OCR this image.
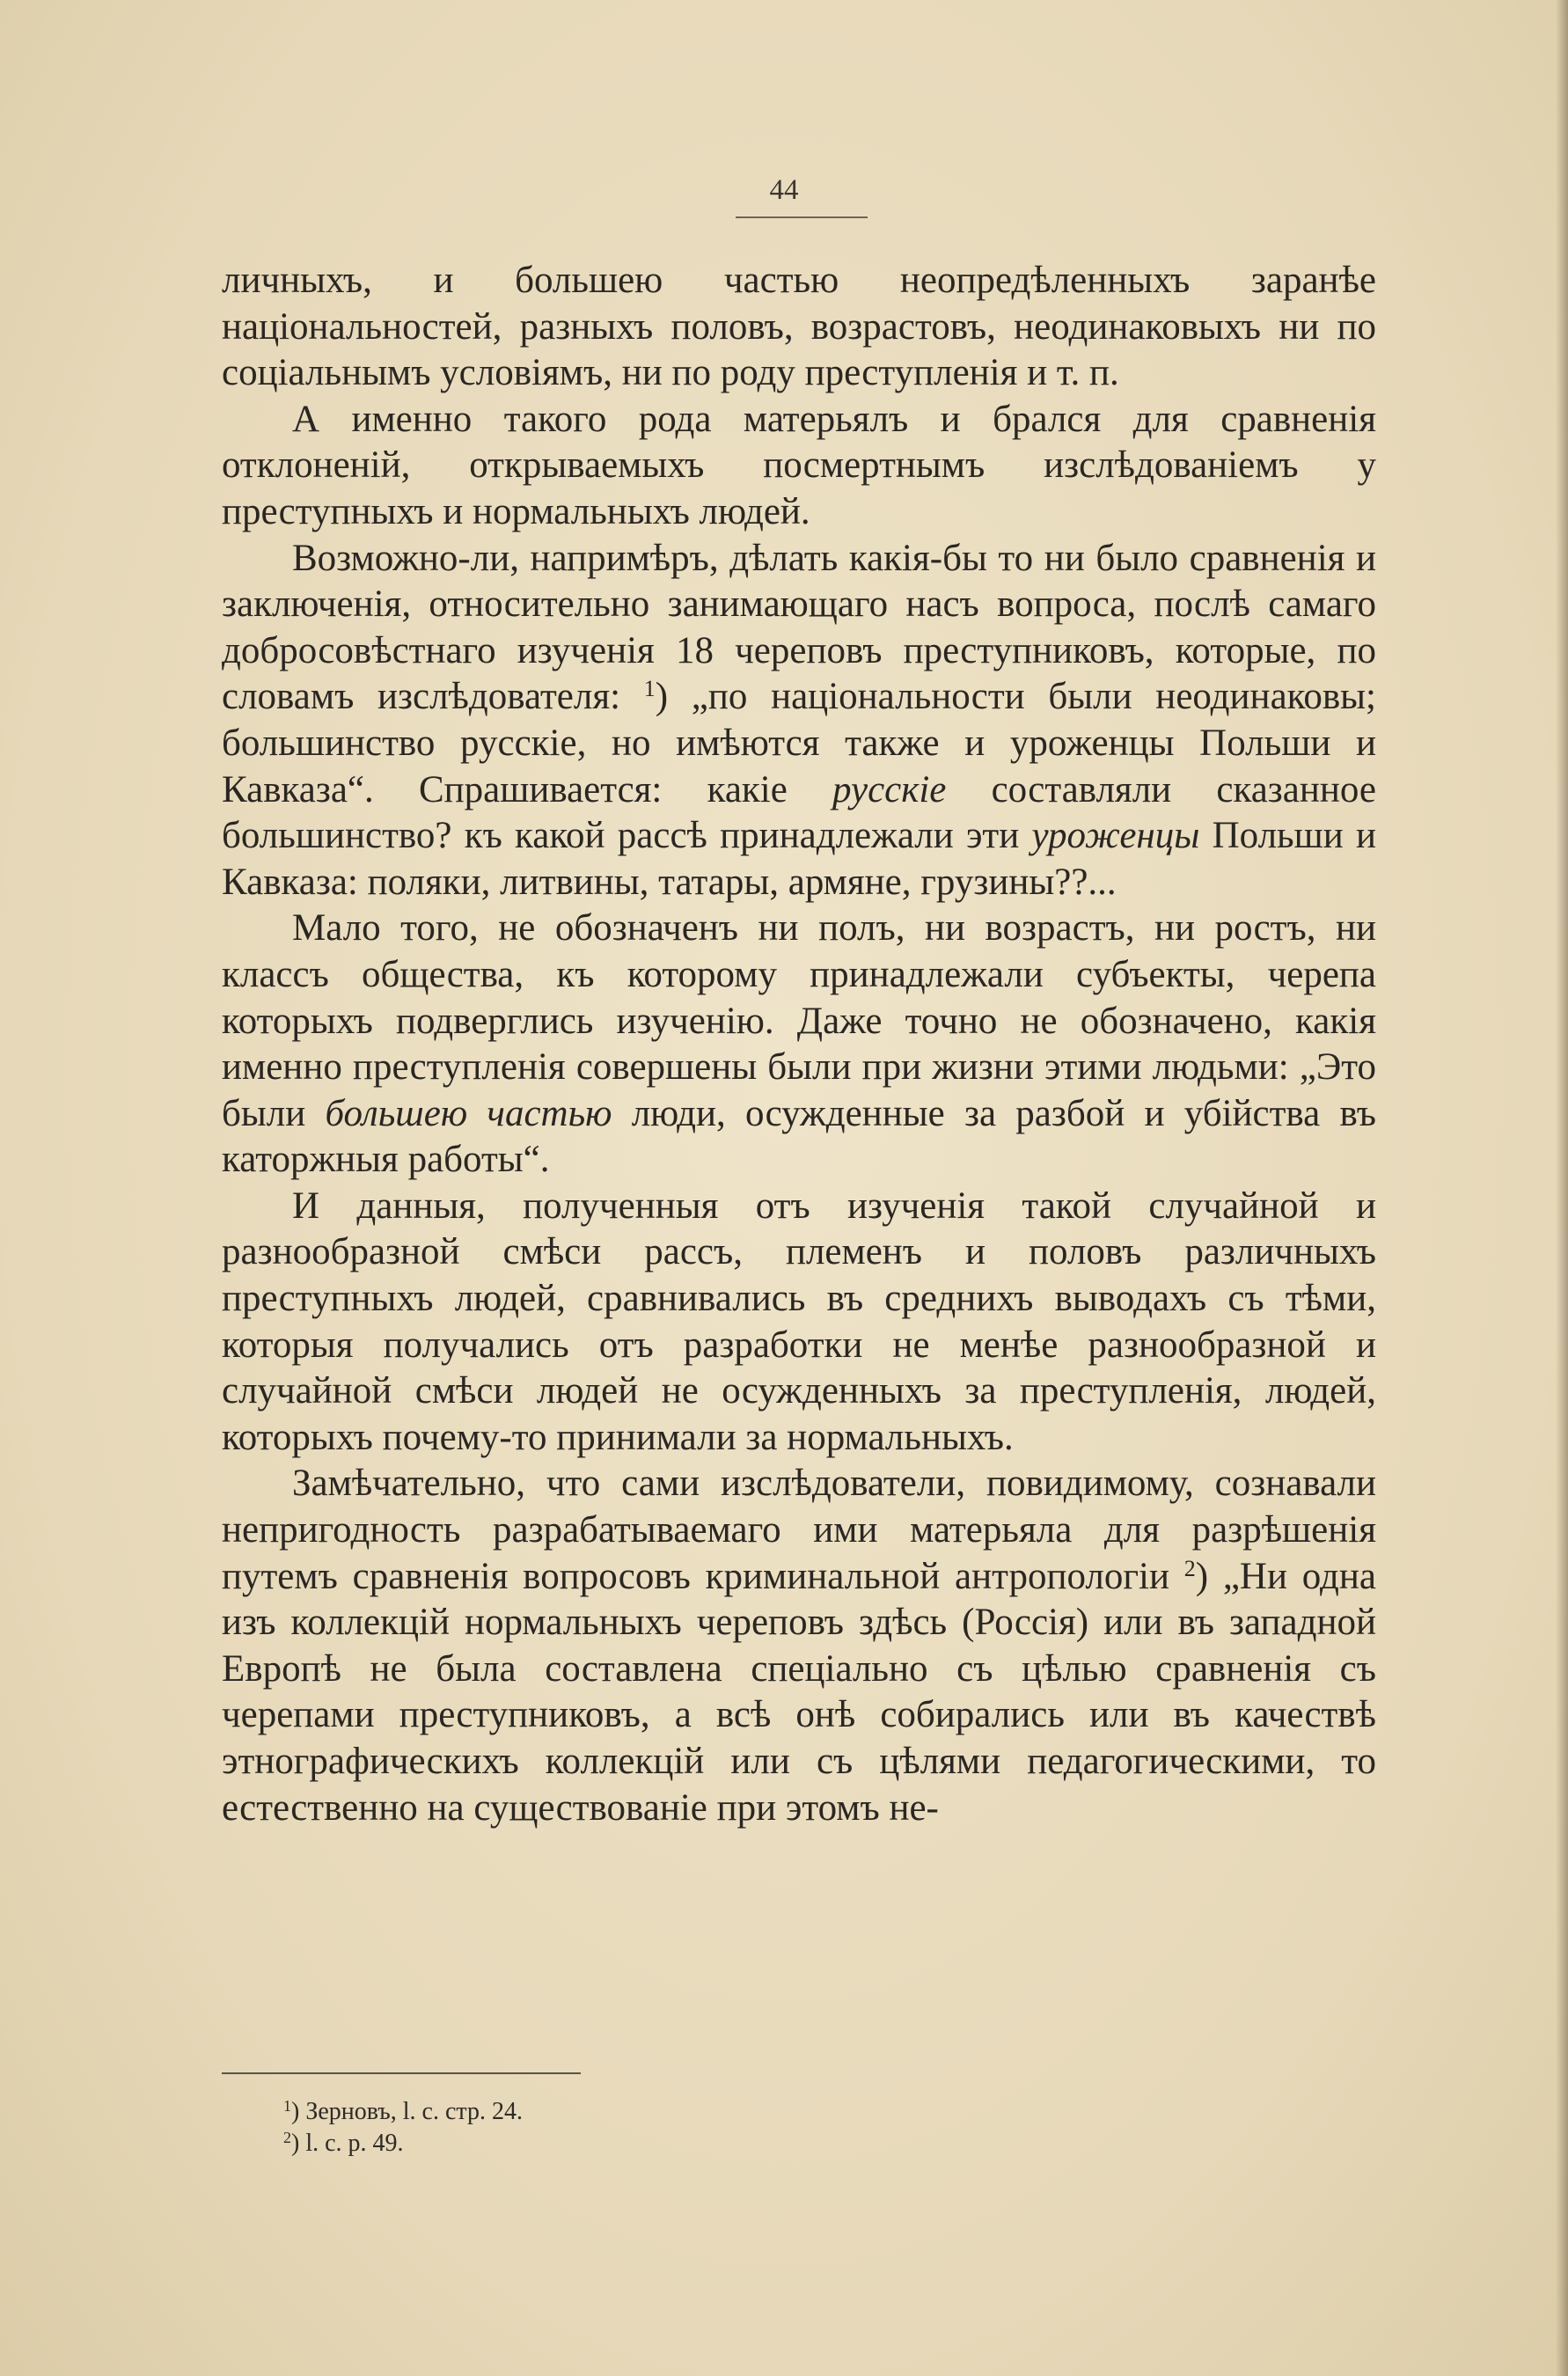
44

личныхъ, и большею частью неопредѣленныхъ заранѣе національностей, разныхъ половъ, возрастовъ, неодинаковыхъ ни по соціальнымъ условіямъ, ни по роду преступленія и т. п.

А именно такого рода матерьялъ и брался для сравненія отклоненій, открываемыхъ посмертнымъ изслѣдованіемъ у преступныхъ и нормальныхъ людей.

Возможно-ли, напримѣръ, дѣлать какія-бы то ни было сравненія и заключенія, относительно занимающаго насъ вопроса, послѣ самаго добросовѣстнаго изученія 18 череповъ преступниковъ, которые, по словамъ изслѣдователя: $^1$) „по національности были неодинаковы; большинство русскіе, но имѣются также и уроженцы Польши и Кавказа“. Спрашивается: какіе русскіе составляли сказанное большинство? къ какой рассѣ принадлежали эти уроженцы Польши и Кавказа: поляки, литвины, татары, армяне, грузины??...

Мало того, не обозначенъ ни полъ, ни возрастъ, ни ростъ, ни классъ общества, къ которому принадлежали субъекты, черепа которыхъ подверглись изученію. Даже точно не обозначено, какія именно преступленія совершены были при жизни этими людьми: „Это были большею частью люди, осужденные за разбой и убійства въ каторжныя работы“.

И данныя, полученныя отъ изученія такой случайной и разнообразной смѣси рассъ, племенъ и половъ различныхъ преступныхъ людей, сравнивались въ среднихъ выводахъ съ тѣми, которыя получались отъ разработки не менѣе разнообразной и случайной смѣси людей не осужденныхъ за преступленія, людей, которыхъ почему-то принимали за нормальныхъ.

Замѣчательно, что сами изслѣдователи, повидимому, сознавали непригодность разрабатываемаго ими матерьяла для разрѣшенія путемъ сравненія вопросовъ криминальной антропологіи $^2$) „Ни одна изъ коллекцій нормальныхъ череповъ здѣсь (Россія) или въ западной Европѣ не была составлена спеціально съ цѣлью сравненія съ черепами преступниковъ, а всѣ онѣ собирались или въ качествѣ этнографическихъ коллекцій или съ цѣлями педагогическими, то естественно на существованіе при этомъ не-

$^1$) Зерновъ, l. c. стр. 24.
$^2$) l. c. p. 49.
